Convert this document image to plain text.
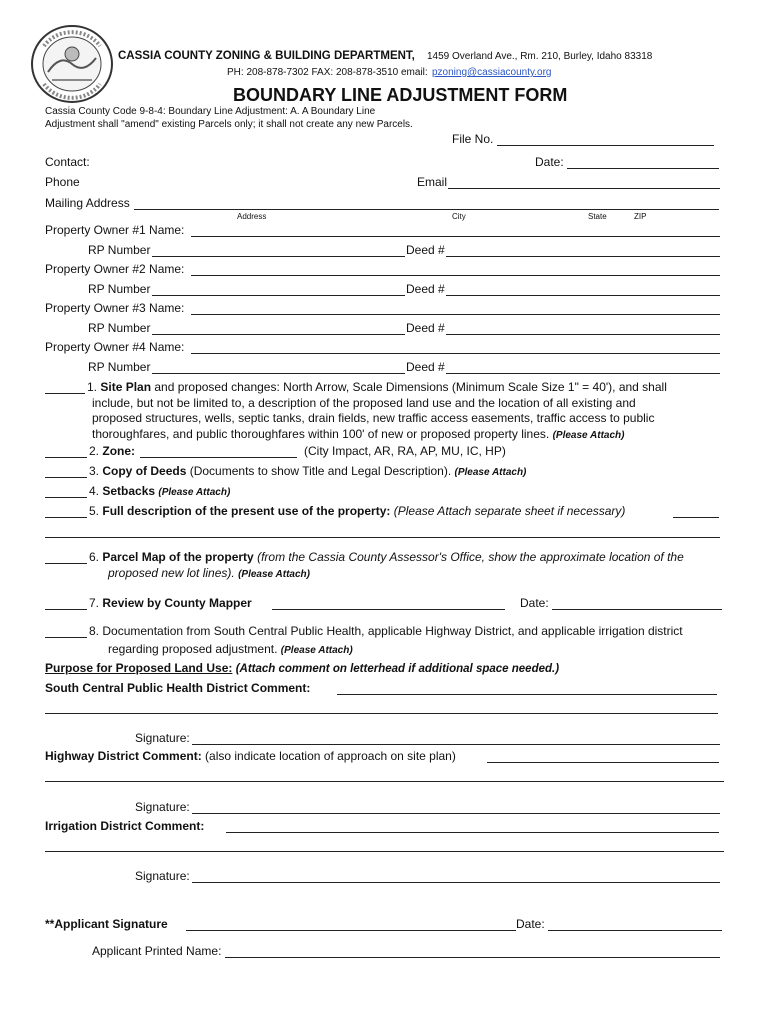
CASSIA COUNTY ZONING & BUILDING DEPARTMENT, 1459 Overland Ave., Rm. 210, Burley, Idaho 83318
PH: 208-878-7302 FAX: 208-878-3510 email: pzoning@cassiacounty.org
BOUNDARY LINE ADJUSTMENT FORM
Cassia County Code 9-8-4: Boundary Line Adjustment: A. A Boundary Line
Adjustment shall "amend" existing Parcels only; it shall not create any new Parcels.
File No.
Contact:	Date:
Phone	Email
Mailing Address
Address	City	State	ZIP
Property Owner #1 Name:
RP Number	Deed #
Property Owner #2 Name:
RP Number	Deed #
Property Owner #3 Name:
RP Number	Deed #
Property Owner #4 Name:
RP Number	Deed #
1. Site Plan and proposed changes: North Arrow, Scale Dimensions (Minimum Scale Size 1" = 40'), and shall
include, but not be limited to, a description of the proposed land use and the location of all existing and
proposed structures, wells, septic tanks, drain fields, new traffic access easements, traffic access to public
thoroughfares, and public thoroughfares within 100' of new or proposed property lines. (Please Attach)
2. Zone:	(City Impact, AR, RA, AP, MU, IC, HP)
3. Copy of Deeds (Documents to show Title and Legal Description). (Please Attach)
4. Setbacks (Please Attach)
5. Full description of the present use of the property: (Please Attach separate sheet if necessary)
6. Parcel Map of the property (from the Cassia County Assessor's Office, show the approximate location of the
proposed new lot lines). (Please Attach)
7. Review by County Mapper	Date:
8. Documentation from South Central Public Health, applicable Highway District, and applicable irrigation district
regarding proposed adjustment. (Please Attach)
Purpose for Proposed Land Use: (Attach comment on letterhead if additional space needed.)
South Central Public Health District Comment:
Signature:
Highway District Comment: (also indicate location of approach on site plan)
Signature:
Irrigation District Comment:
Signature:
**Applicant Signature	Date:
Applicant Printed Name:
